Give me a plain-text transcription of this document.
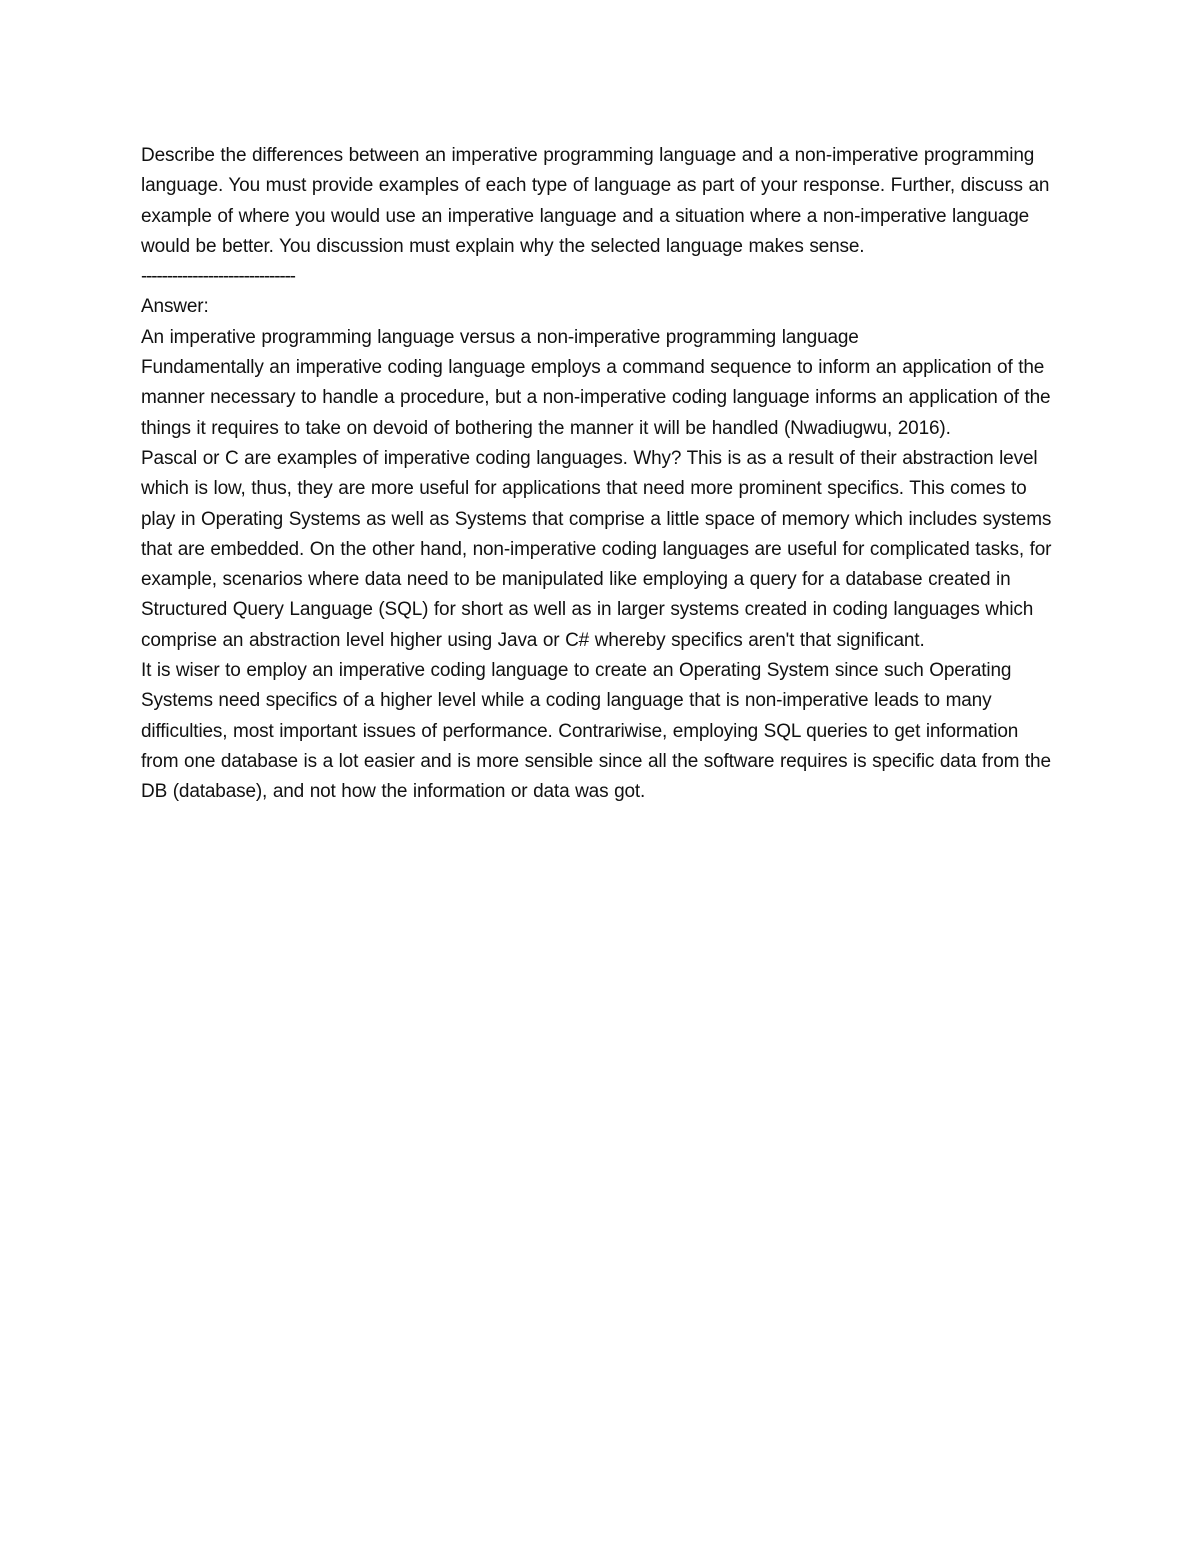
Describe the differences between an imperative programming language and a non-imperative programming language. You must provide examples of each type of language as part of your response. Further, discuss an example of where you would use an imperative language and a situation where a non-imperative language would be better. You discussion must explain why the selected language makes sense.

------------------------------

Answer:

An imperative programming language versus a non-imperative programming language

Fundamentally an imperative coding language employs a command sequence to inform an application of the manner necessary to handle a procedure, but a non-imperative coding language informs an application of the things it requires to take on devoid of bothering the manner it will be handled (Nwadiugwu, 2016).

Pascal or C are examples of imperative coding languages. Why? This is as a result of their abstraction level which is low, thus, they are more useful for applications that need more prominent specifics. This comes to play in Operating Systems as well as Systems that comprise a little space of memory which includes systems that are embedded. On the other hand, non-imperative coding languages are useful for complicated tasks, for example, scenarios where data need to be manipulated like employing a query for a database created in Structured Query Language (SQL) for short as well as in larger systems created in coding languages which comprise an abstraction level higher using Java or C# whereby specifics aren't that significant.

It is wiser to employ an imperative coding language to create an Operating System since such Operating Systems need specifics of a higher level while a coding language that is non-imperative leads to many difficulties, most important issues of performance. Contrariwise, employing SQL queries to get information from one database is a lot easier and is more sensible since all the software requires is specific data from the DB (database), and not how the information or data was got.
